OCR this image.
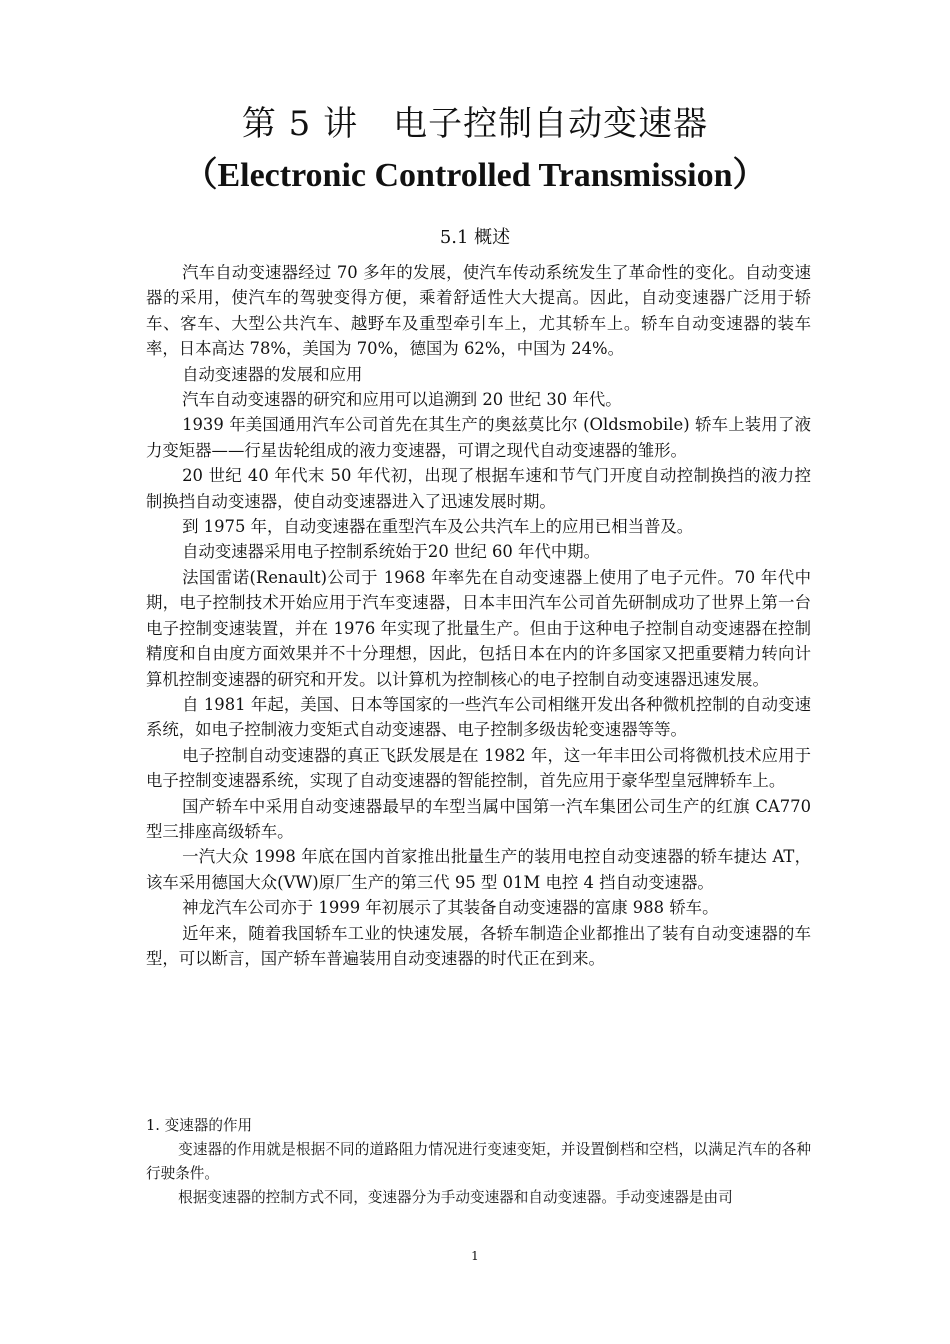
第 5 讲　电子控制自动变速器
（Electronic Controlled Transmission）
5.1 概述

汽车自动变速器经过 70 多年的发展，使汽车传动系统发生了革命性的变化。自动变速器的采用，使汽车的驾驶变得方便，乘着舒适性大大提高。因此，自动变速器广泛用于轿车、客车、大型公共汽车、越野车及重型牵引车上，尤其轿车上。轿车自动变速器的装车率，日本高达 78%，美国为 70%，德国为 62%，中国为 24%。

自动变速器的发展和应用

汽车自动变速器的研究和应用可以追溯到 20 世纪 30 年代。

1939 年美国通用汽车公司首先在其生产的奥兹莫比尔 (Oldsmobile) 轿车上装用了液力变矩器——行星齿轮组成的液力变速器，可谓之现代自动变速器的雏形。

20 世纪 40 年代末 50 年代初，出现了根据车速和节气门开度自动控制换挡的液力控制换挡自动变速器，使自动变速器进入了迅速发展时期。

到 1975 年，自动变速器在重型汽车及公共汽车上的应用已相当普及。

自动变速器采用电子控制系统始于20 世纪 60 年代中期。

法国雷诺(Renault)公司于 1968 年率先在自动变速器上使用了电子元件。70 年代中期，电子控制技术开始应用于汽车变速器，日本丰田汽车公司首先研制成功了世界上第一台电子控制变速装置，并在 1976 年实现了批量生产。但由于这种电子控制自动变速器在控制精度和自由度方面效果并不十分理想，因此，包括日本在内的许多国家又把重要精力转向计算机控制变速器的研究和开发。以计算机为控制核心的电子控制自动变速器迅速发展。

自 1981 年起，美国、日本等国家的一些汽车公司相继开发出各种微机控制的自动变速系统，如电子控制液力变矩式自动变速器、电子控制多级齿轮变速器等等。

电子控制自动变速器的真正飞跃发展是在 1982 年，这一年丰田公司将微机技术应用于电子控制变速器系统，实现了自动变速器的智能控制，首先应用于豪华型皇冠牌轿车上。

国产轿车中采用自动变速器最早的车型当属中国第一汽车集团公司生产的红旗 CA770 型三排座高级轿车。

一汽大众 1998 年底在国内首家推出批量生产的装用电控自动变速器的轿车捷达 AT，该车采用德国大众(VW)原厂生产的第三代 95 型 01M 电控 4 挡自动变速器。

神龙汽车公司亦于 1999 年初展示了其装备自动变速器的富康 988 轿车。

近年来，随着我国轿车工业的快速发展，各轿车制造企业都推出了装有自动变速器的车型，可以断言，国产轿车普遍装用自动变速器的时代正在到来。

1. 变速器的作用

变速器的作用就是根据不同的道路阻力情况进行变速变矩，并设置倒档和空档，以满足汽车的各种行驶条件。

根据变速器的控制方式不同，变速器分为手动变速器和自动变速器。手动变速器是由司

1
